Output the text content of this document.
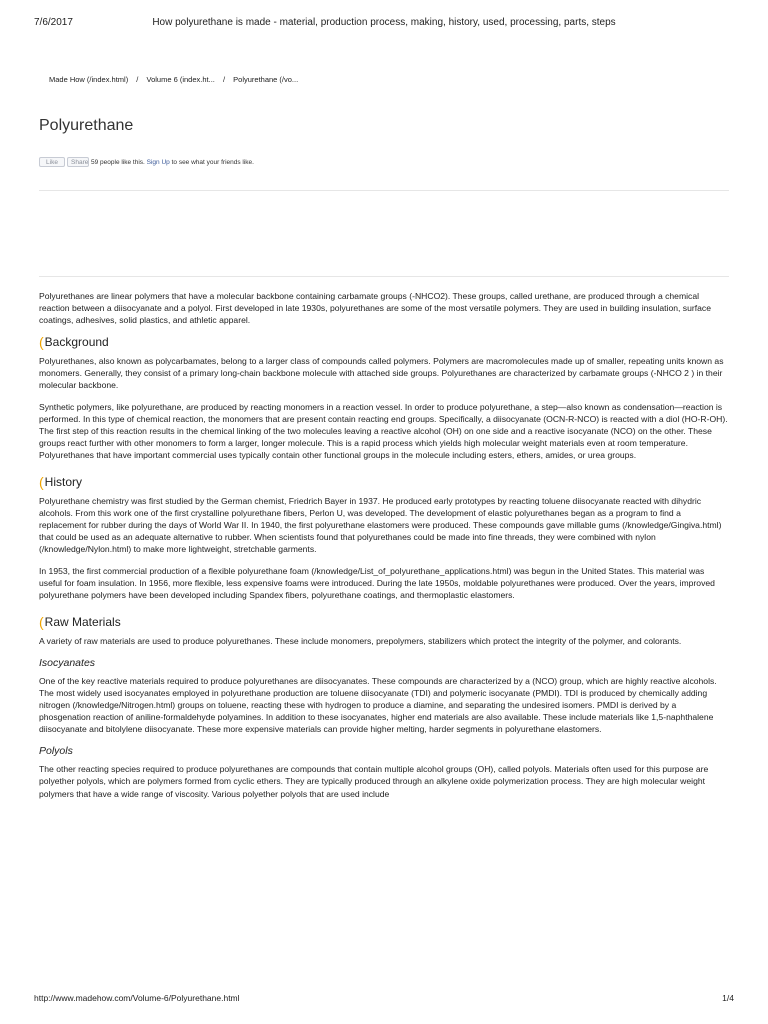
7/6/2017	How polyurethane is made - material, production process, making, history, used, processing, parts, steps
Made How (/index.html) / Volume 6 (index.ht... / Polyurethane (/vo...
Polyurethane
Like	Share 59 people like this. Sign Up to see what your friends like.

Polyurethanes are linear polymers that have a molecular backbone containing carbamate groups (-NHCO2). These groups, called urethane, are produced through a chemical reaction between a diisocyanate and a polyol. First developed in late 1930s, polyurethanes are some of the most versatile polymers. They are used in building insulation, surface coatings, adhesives, solid plastics, and athletic apparel.

( Background

Polyurethanes, also known as polycarbamates, belong to a larger class of compounds called polymers. Polymers are macromolecules made up of smaller, repeating units known as monomers. Generally, they consist of a primary long-chain backbone molecule with attached side groups. Polyurethanes are characterized by carbamate groups (-NHCO 2 ) in their molecular backbone.

Synthetic polymers, like polyurethane, are produced by reacting monomers in a reaction vessel. In order to produce polyurethane, a step—also known as condensation—reaction is performed. In this type of chemical reaction, the monomers that are present contain reacting end groups. Specifically, a diisocyanate (OCN-R-NCO) is reacted with a diol (HO-R-OH). The first step of this reaction results in the chemical linking of the two molecules leaving a reactive alcohol (OH) on one side and a reactive isocyanate (NCO) on the other. These groups react further with other monomers to form a larger, longer molecule. This is a rapid process which yields high molecular weight materials even at room temperature. Polyurethanes that have important commercial uses typically contain other functional groups in the molecule including esters, ethers, amides, or urea groups.

( History

Polyurethane chemistry was first studied by the German chemist, Friedrich Bayer in 1937. He produced early prototypes by reacting toluene diisocyanate reacted with dihydric alcohols. From this work one of the first crystalline polyurethane fibers, Perlon U, was developed. The development of elastic polyurethanes began as a program to find a replacement for rubber during the days of World War II. In 1940, the first polyurethane elastomers were produced. These compounds gave millable gums (/knowledge/Gingiva.html) that could be used as an adequate alternative to rubber. When scientists found that polyurethanes could be made into fine threads, they were combined with nylon (/knowledge/Nylon.html) to make more lightweight, stretchable garments.

In 1953, the first commercial production of a flexible polyurethane foam (/knowledge/List_of_polyurethane_applications.html) was begun in the United States. This material was useful for foam insulation. In 1956, more flexible, less expensive foams were introduced. During the late 1950s, moldable polyurethanes were produced. Over the years, improved polyurethane polymers have been developed including Spandex fibers, polyurethane coatings, and thermoplastic elastomers.

( Raw Materials

A variety of raw materials are used to produce polyurethanes. These include monomers, prepolymers, stabilizers which protect the integrity of the polymer, and colorants.

Isocyanates

One of the key reactive materials required to produce polyurethanes are diisocyanates. These compounds are characterized by a (NCO) group, which are highly reactive alcohols. The most widely used isocyanates employed in polyurethane production are toluene diisocyanate (TDI) and polymeric isocyanate (PMDI). TDI is produced by chemically adding nitrogen (/knowledge/Nitrogen.html) groups on toluene, reacting these with hydrogen to produce a diamine, and separating the undesired isomers. PMDI is derived by a phosgenation reaction of aniline-formaldehyde polyamines. In addition to these isocyanates, higher end materials are also available. These include materials like 1,5-naphthalene diisocyanate and bitolylene diisocyanate. These more expensive materials can provide higher melting, harder segments in polyurethane elastomers.

Polyols

The other reacting species required to produce polyurethanes are compounds that contain multiple alcohol groups (OH), called polyols. Materials often used for this purpose are polyether polyols, which are polymers formed from cyclic ethers. They are typically produced through an alkylene oxide polymerization process. They are high molecular weight polymers that have a wide range of viscosity. Various polyether polyols that are used include

http://www.madehow.com/Volume-6/Polyurethane.html	1/4
